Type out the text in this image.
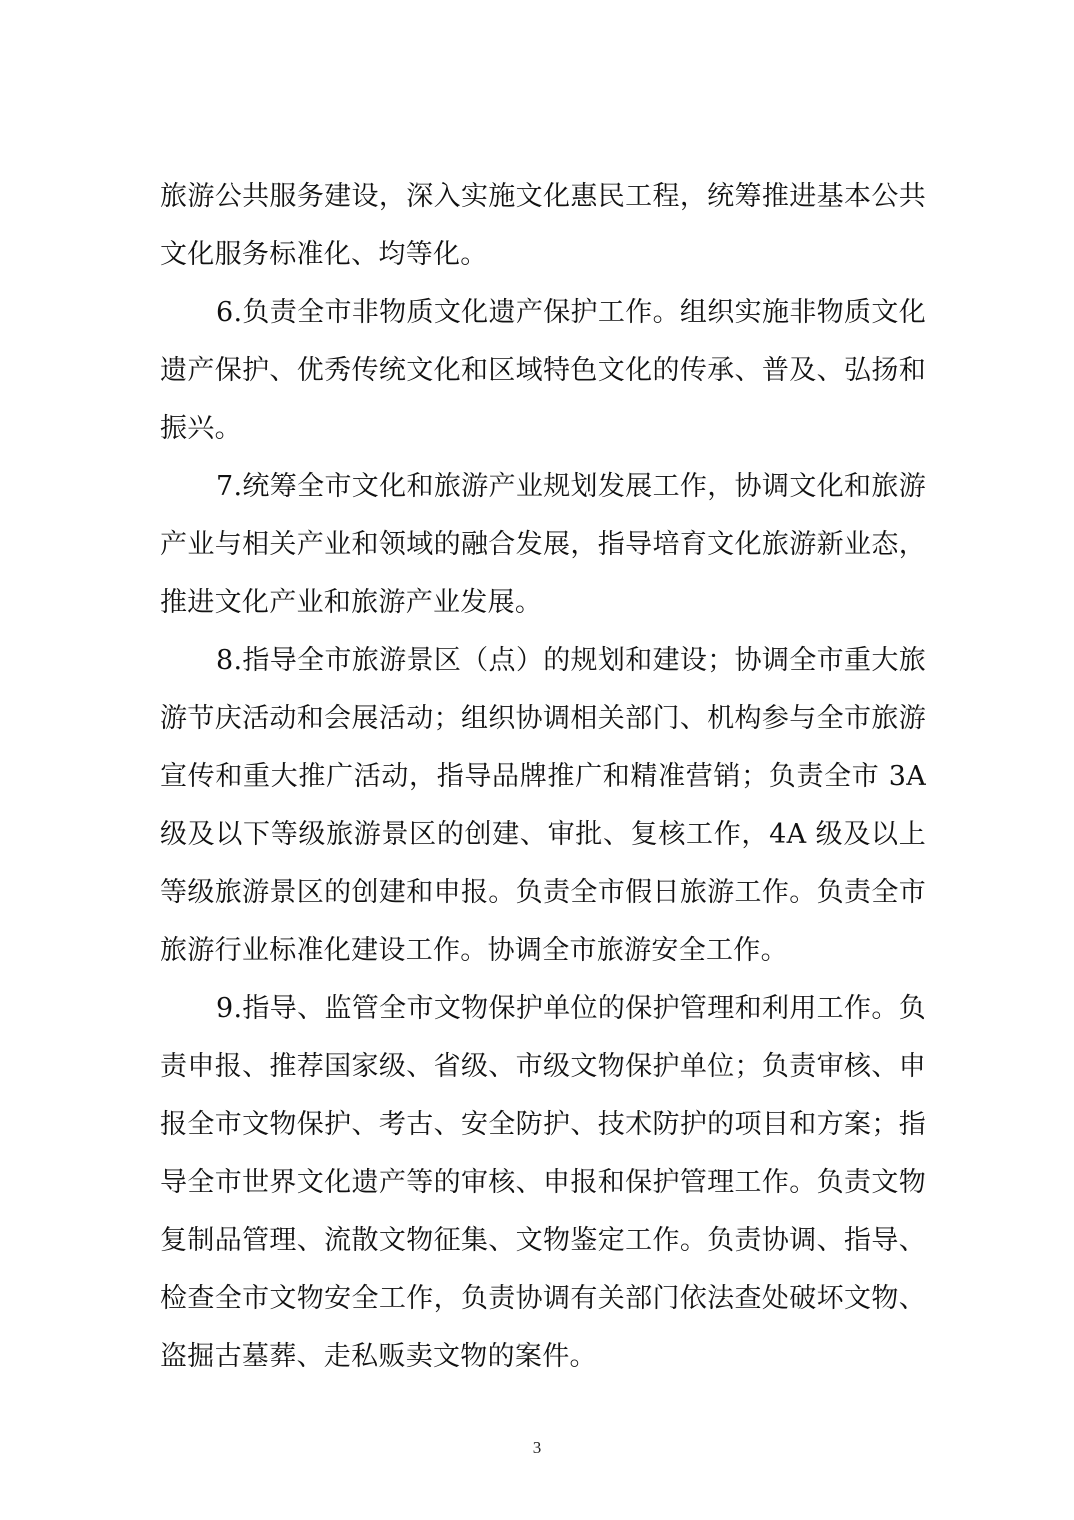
旅游公共服务建设，深入实施文化惠民工程，统筹推进基本公共文化服务标准化、均等化。

6.负责全市非物质文化遗产保护工作。组织实施非物质文化遗产保护、优秀传统文化和区域特色文化的传承、普及、弘扬和振兴。

7.统筹全市文化和旅游产业规划发展工作，协调文化和旅游产业与相关产业和领域的融合发展，指导培育文化旅游新业态，推进文化产业和旅游产业发展。

8.指导全市旅游景区（点）的规划和建设；协调全市重大旅游节庆活动和会展活动；组织协调相关部门、机构参与全市旅游宣传和重大推广活动，指导品牌推广和精准营销；负责全市 3A 级及以下等级旅游景区的创建、审批、复核工作，4A 级及以上等级旅游景区的创建和申报。负责全市假日旅游工作。负责全市旅游行业标准化建设工作。协调全市旅游安全工作。

9.指导、监管全市文物保护单位的保护管理和利用工作。负责申报、推荐国家级、省级、市级文物保护单位；负责审核、申报全市文物保护、考古、安全防护、技术防护的项目和方案；指导全市世界文化遗产等的审核、申报和保护管理工作。负责文物复制品管理、流散文物征集、文物鉴定工作。负责协调、指导、检查全市文物安全工作，负责协调有关部门依法查处破坏文物、盗掘古墓葬、走私贩卖文物的案件。

3
